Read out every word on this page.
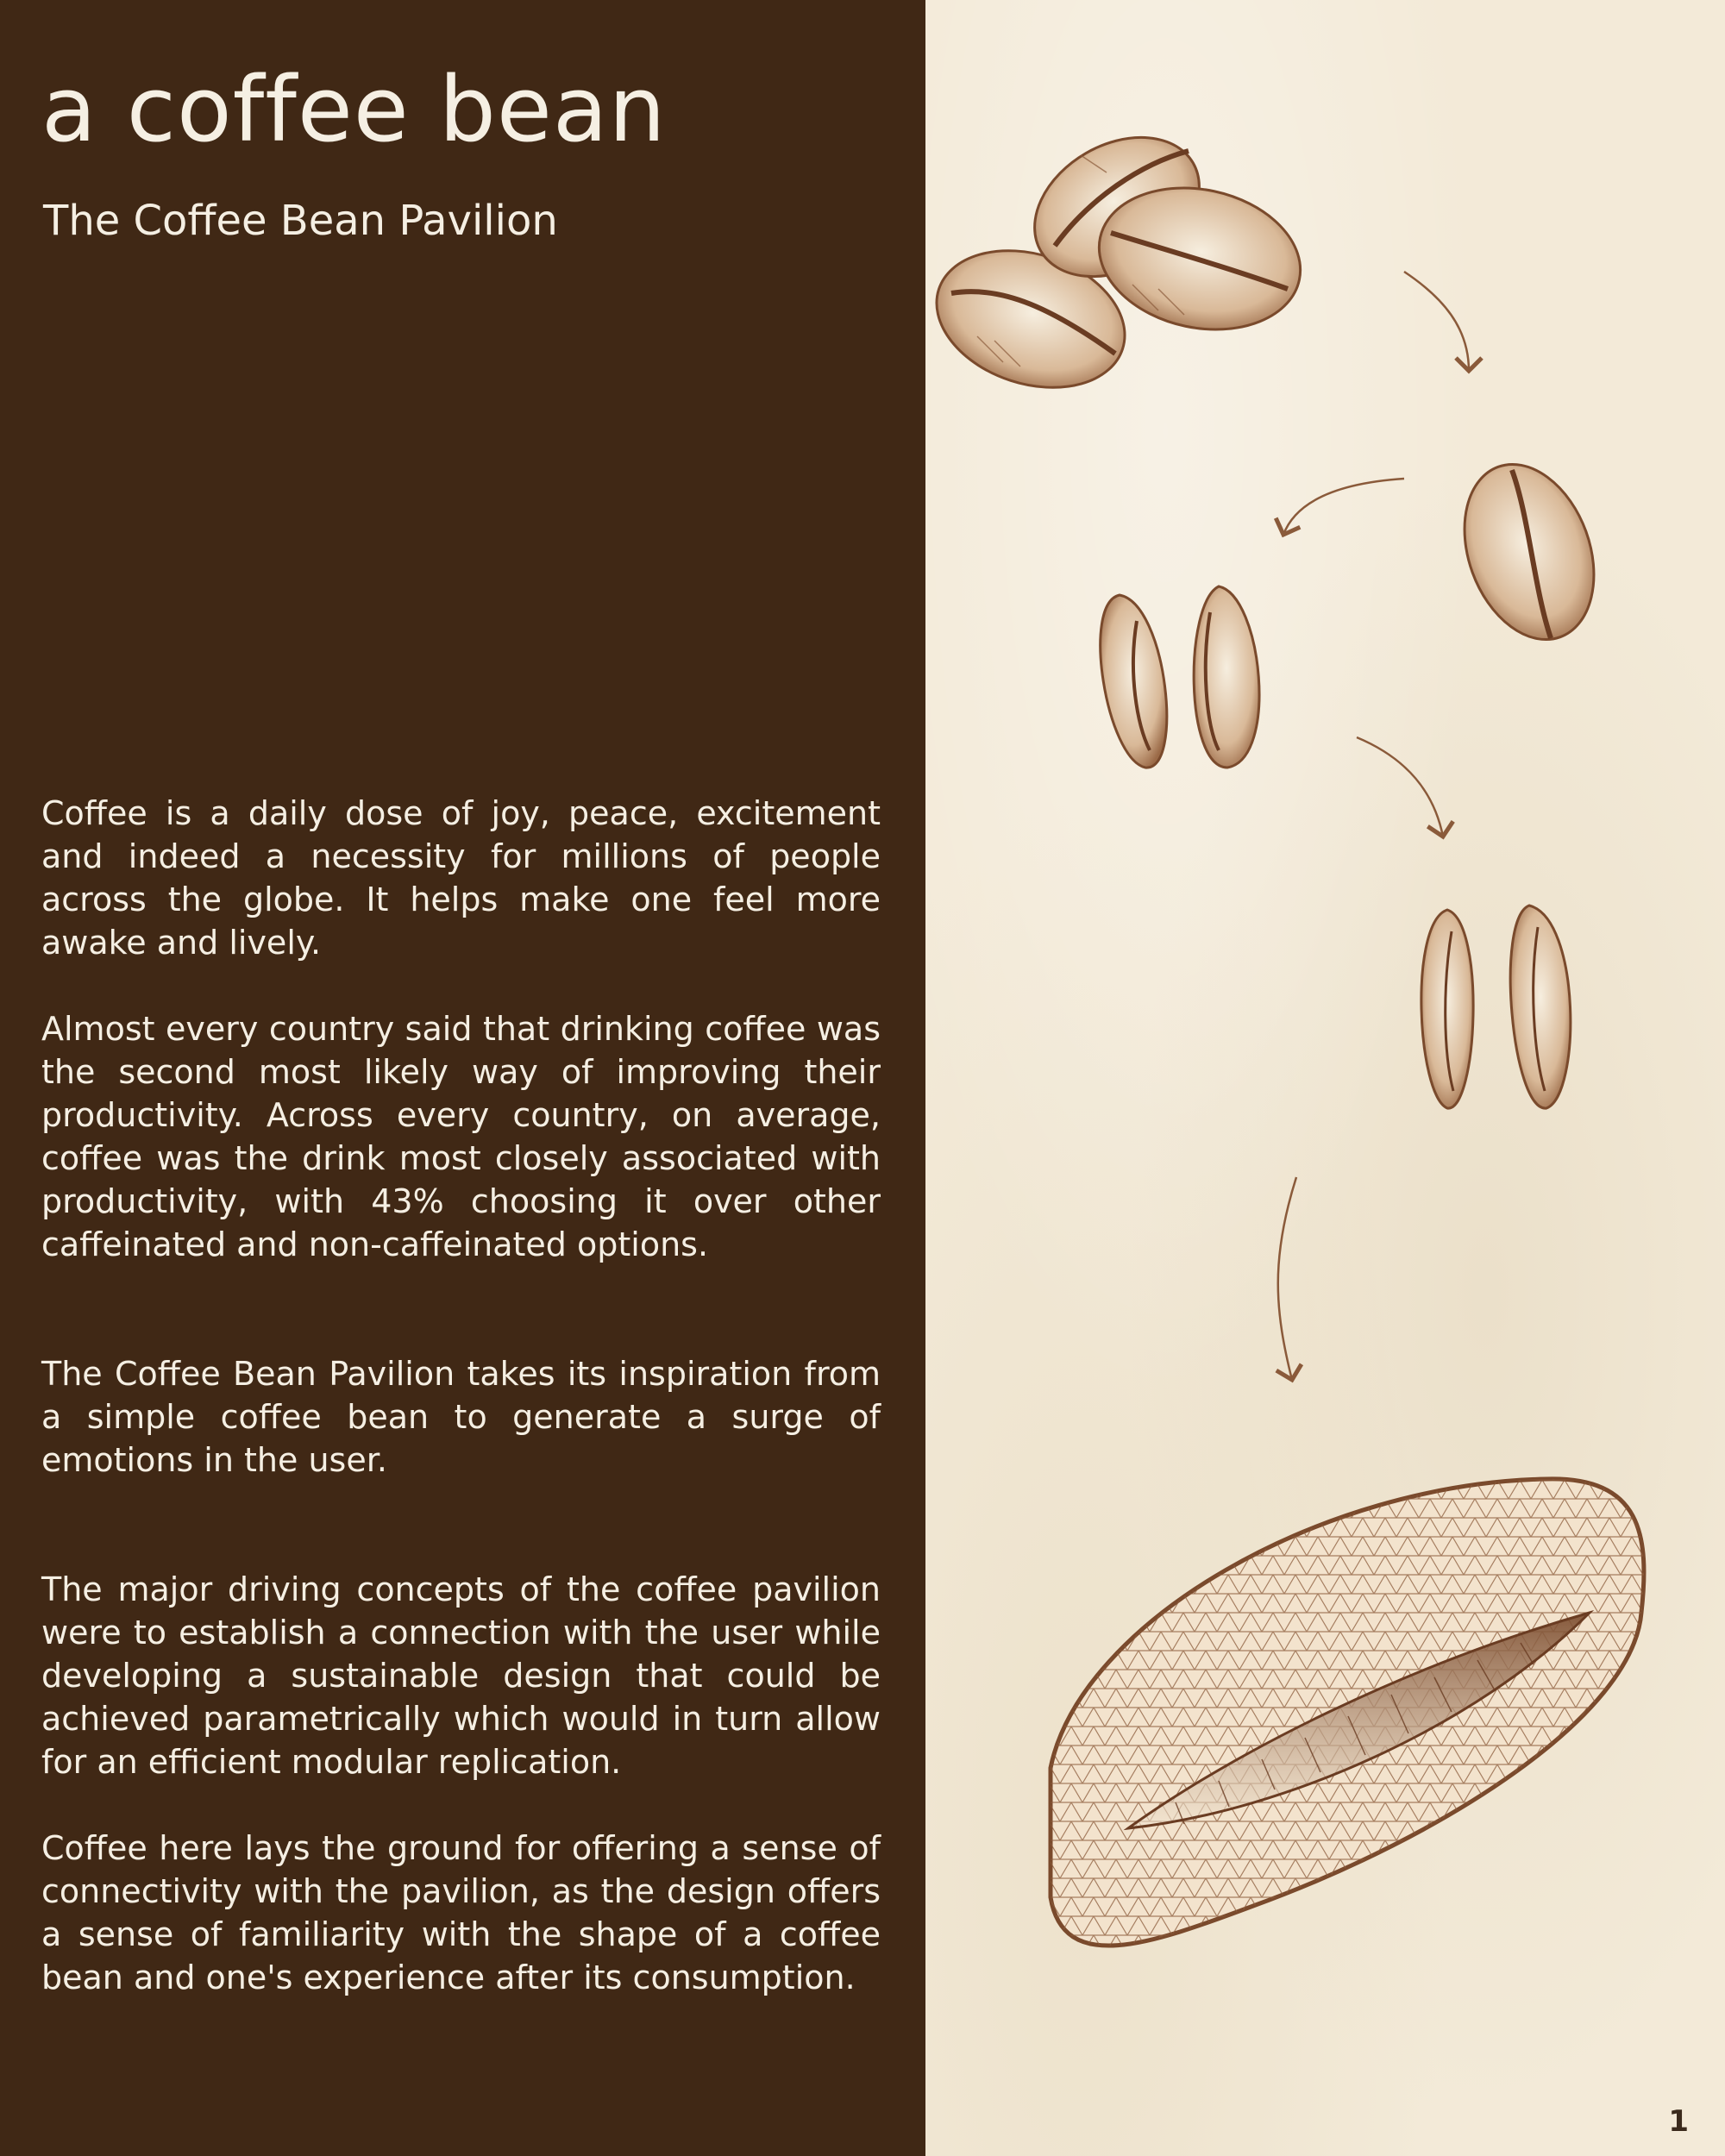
a coffee bean
The Coffee Bean Pavilion

Coffee is a daily dose of joy, peace, excitement and indeed a necessity for millions of people across the globe. It helps make one feel more awake and lively.

Almost every country said that drinking coffee was the second most likely way of improving their productivity. Across every country, on average, coffee was the drink most closely associated with productivity, with 43% choosing it over other caffeinated and non-caffeinated options.

The Coffee Bean Pavilion takes its inspiration from a simple coffee bean to generate a surge of emotions in the user.

The major driving concepts of the coffee pavilion were to establish a connection with the user while developing a sustainable design that could be achieved parametrically which would in turn allow for an efficient modular replication.

Coffee here lays the ground for offering a sense of connectivity with the pavilion, as the design offers a sense of familiarity with the shape of a coffee bean and one's experience after its consumption.

1
